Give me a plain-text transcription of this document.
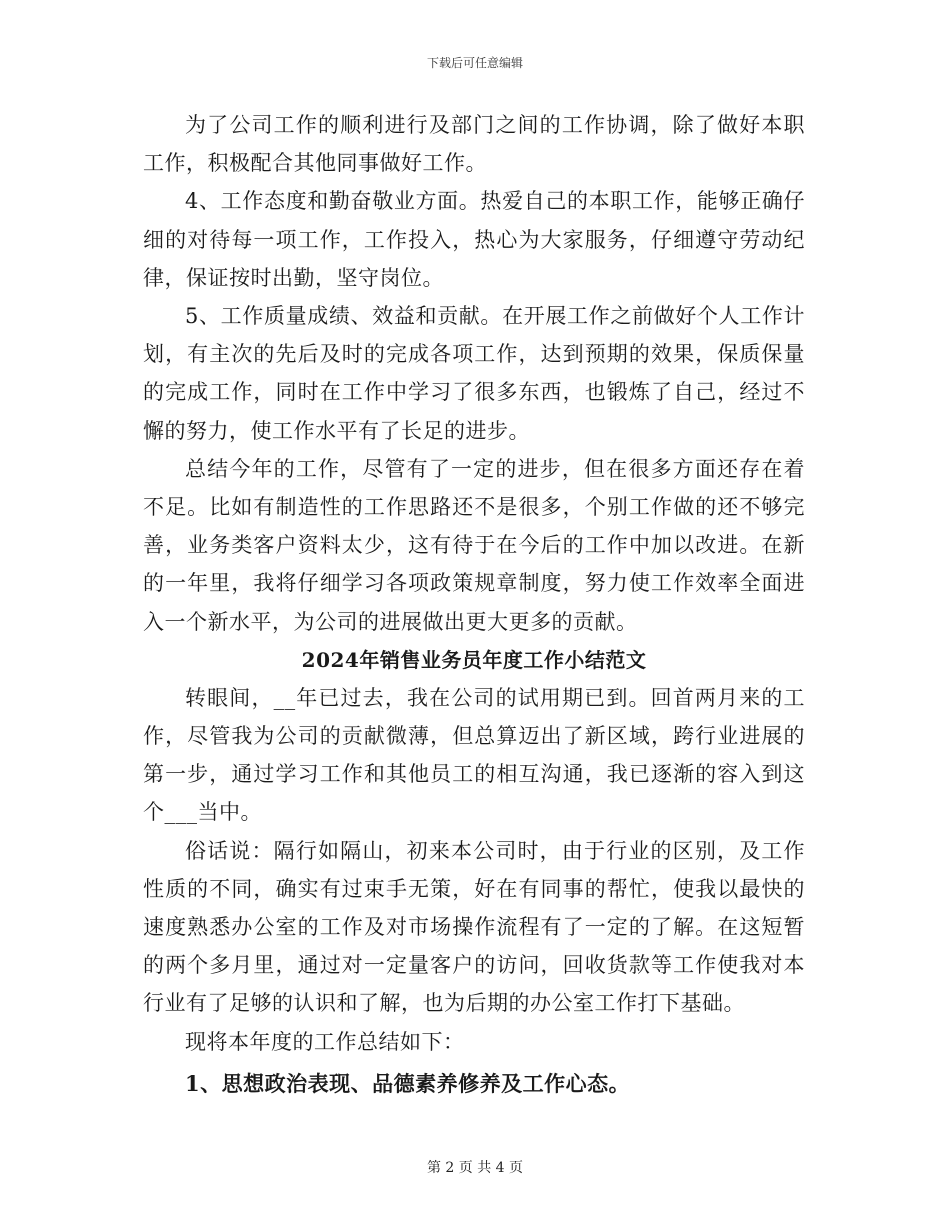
下载后可任意编辑

为了公司工作的顺利进行及部门之间的工作协调，除了做好本职工作，积极配合其他同事做好工作。

4、工作态度和勤奋敬业方面。热爱自己的本职工作，能够正确仔细的对待每一项工作，工作投入，热心为大家服务，仔细遵守劳动纪律，保证按时出勤，坚守岗位。

5、工作质量成绩、效益和贡献。在开展工作之前做好个人工作计划，有主次的先后及时的完成各项工作，达到预期的效果，保质保量的完成工作，同时在工作中学习了很多东西，也锻炼了自己，经过不懈的努力，使工作水平有了长足的进步。

总结今年的工作，尽管有了一定的进步，但在很多方面还存在着不足。比如有制造性的工作思路还不是很多，个别工作做的还不够完善，业务类客户资料太少，这有待于在今后的工作中加以改进。在新的一年里，我将仔细学习各项政策规章制度，努力使工作效率全面进入一个新水平，为公司的进展做出更大更多的贡献。

2024年销售业务员年度工作小结范文

转眼间，__年已过去，我在公司的试用期已到。回首两月来的工作，尽管我为公司的贡献微薄，但总算迈出了新区域，跨行业进展的第一步，通过学习工作和其他员工的相互沟通，我已逐渐的容入到这个___当中。

俗话说：隔行如隔山，初来本公司时，由于行业的区别，及工作性质的不同，确实有过束手无策，好在有同事的帮忙，使我以最快的速度熟悉办公室的工作及对市场操作流程有了一定的了解。在这短暂的两个多月里，通过对一定量客户的访问，回收货款等工作使我对本行业有了足够的认识和了解，也为后期的办公室工作打下基础。

现将本年度的工作总结如下：

1、思想政治表现、品德素养修养及工作心态。
第 2 页 共 4 页
